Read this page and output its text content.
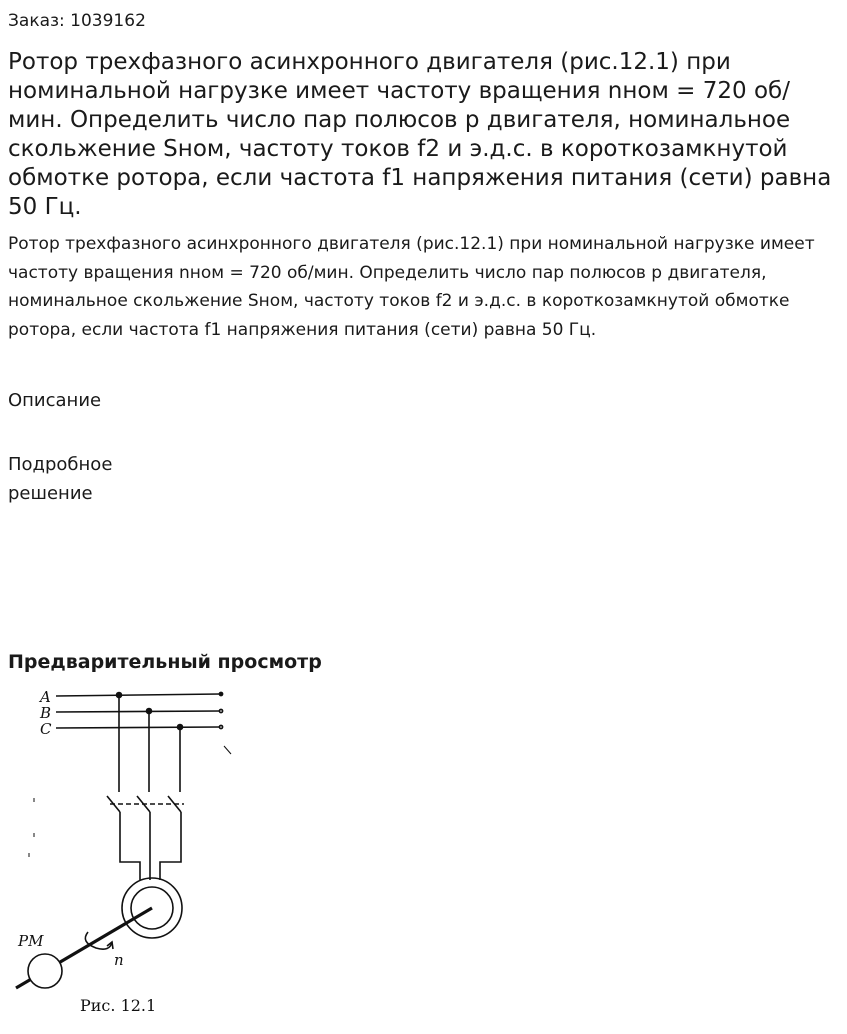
Заказ: 1039162
Ротор трехфазного асинхронного двигателя (рис.12.1) при номинальной нагрузке имеет частоту вращения nном = 720 об/мин. Определить число пар полюсов p двигателя, номинальное скольжение Sном, частоту токов f2 и э.д.с. в короткозамкнутой обмотке ротора, если частота f1 напряжения питания (сети) равна 50 Гц.

Ротор трехфазного асинхронного двигателя (рис.12.1) при номинальной нагрузке имеет частоту вращения nном = 720 об/мин. Определить число пар полюсов p двигателя, номинальное скольжение Sном, частоту токов f2 и э.д.с. в короткозамкнутой обмотке ротора, если частота f1 напряжения питания (сети) равна 50 Гц.

Описание
Подробное решение
Предварительный просмотр
A
B
C
PM
n
Рис. 12.1
